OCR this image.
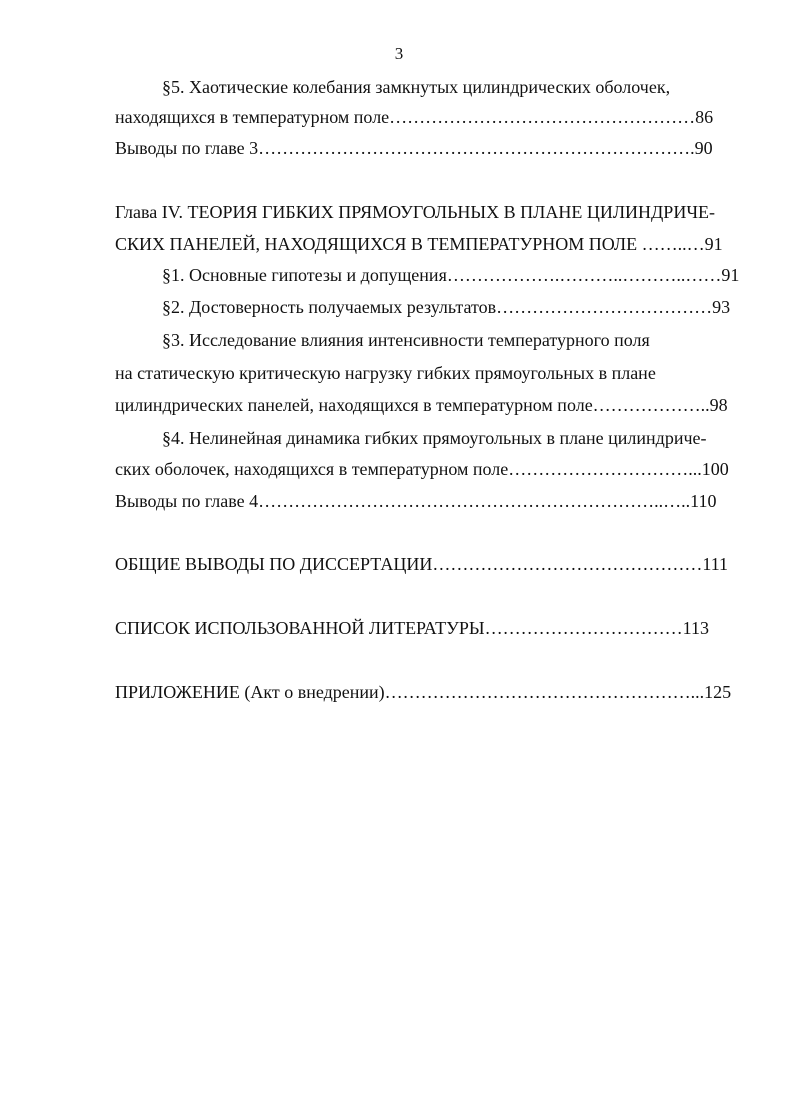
3
§5. Хаотические колебания замкнутых цилиндрических оболочек,
находящихся в температурном поле……………………………………………86
Выводы по главе 3……………………………………………………………….90
Глава IV. ТЕОРИЯ ГИБКИХ ПРЯМОУГОЛЬНЫХ В ПЛАНЕ ЦИЛИНДРИЧЕ-
СКИХ ПАНЕЛЕЙ, НАХОДЯЩИХСЯ В ТЕМПЕРАТУРНОМ ПОЛЕ ……..…91
§1. Основные гипотезы и допущения……………….………..………..……91
§2. Достоверность получаемых результатов………………………………93
§3. Исследование влияния интенсивности температурного поля
на статическую критическую нагрузку гибких прямоугольных в плане
цилиндрических панелей, находящихся в температурном поле………………..98
§4. Нелинейная динамика гибких прямоугольных в плане цилиндриче-
ских оболочек, находящихся в температурном поле…………………………...100
Выводы по главе 4…………………………………………………………..…..110
ОБЩИЕ ВЫВОДЫ ПО ДИССЕРТАЦИИ………………………………………111
СПИСОК ИСПОЛЬЗОВАННОЙ ЛИТЕРАТУРЫ……………………………113
ПРИЛОЖЕНИЕ (Акт о внедрении)……………………………………………...125
